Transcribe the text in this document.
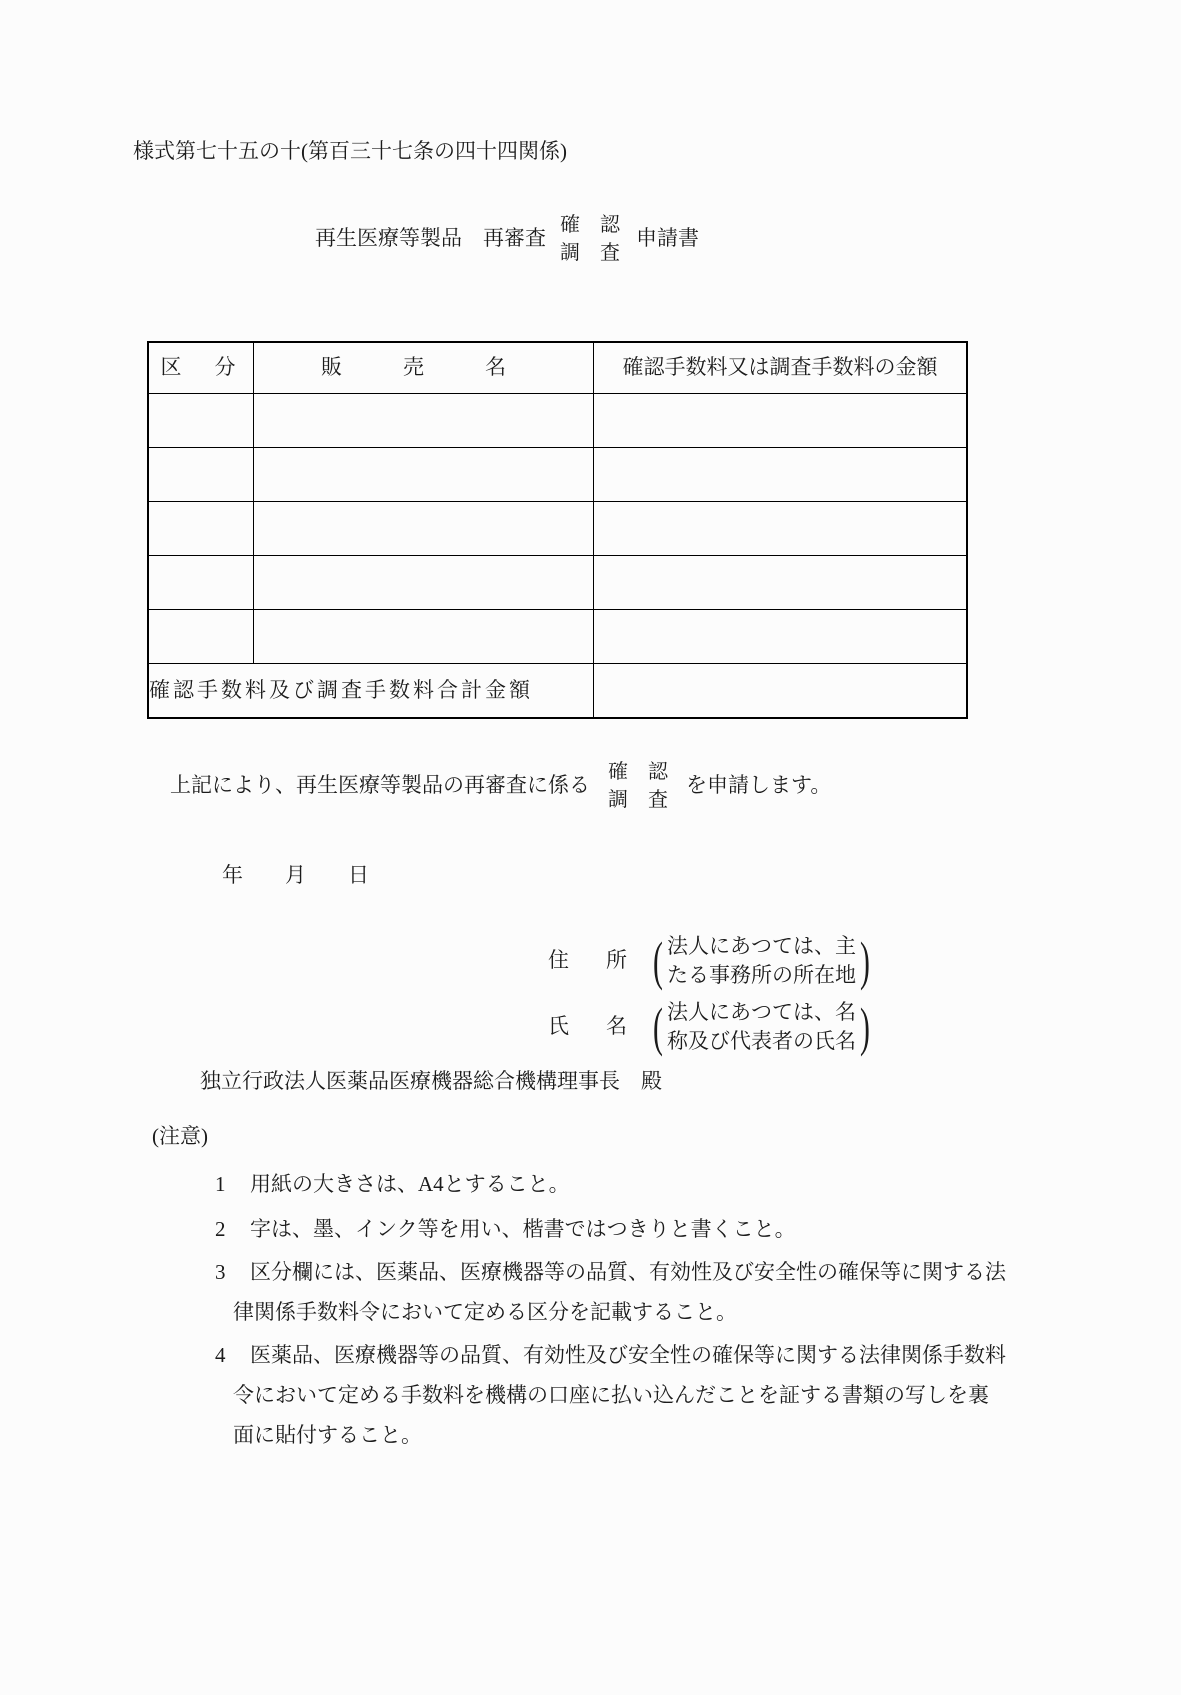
様式第七十五の十(第百三十七条の四十四関係)
再生医療等製品　再審査
確　認
調　査
申請書
区　分	販　売　名	確認手数料又は調査手数料の金額

確認手数料及び調査手数料合計金額		
上記により、再生医療等製品の再審査に係る
確　認
調　査
を申請します。
年　　月　　日
住　所 ( 法人にあつては、主
たる事務所の所在地 )
氏　名 ( 法人にあつては、名
称及び代表者の氏名 )
独立行政法人医薬品医療機器総合機構理事長　殿
(注意)
1	用紙の大きさは、A4とすること。
2	字は、墨、インク等を用い、楷書ではつきりと書くこと。
3	区分欄には、医薬品、医療機器等の品質、有効性及び安全性の確保等に関する法律関係手数料令において定める区分を記載すること。
4	医薬品、医療機器等の品質、有効性及び安全性の確保等に関する法律関係手数料令において定める手数料を機構の口座に払い込んだことを証する書類の写しを裏面に貼付すること。
